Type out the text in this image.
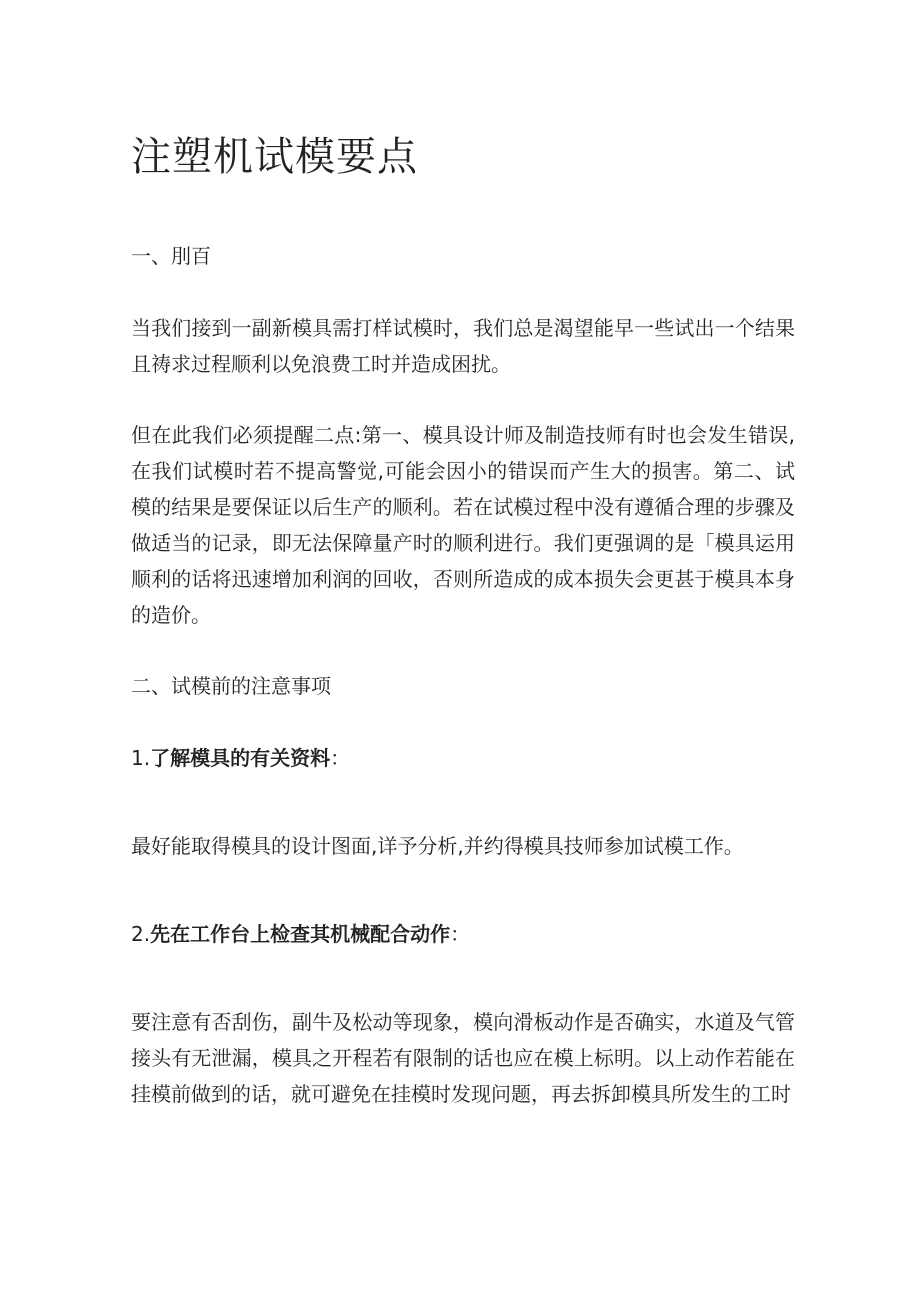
注塑机试模要点

一、刖百

当我们接到一副新模具需打样试模时，我们总是渴望能早一些试出一个结果且祷求过程顺利以免浪费工时并造成困扰。

但在此我们必须提醒二点:第一、模具设计师及制造技师有时也会发生错误,在我们试模时若不提高警觉,可能会因小的错误而产生大的损害。第二、试模的结果是要保证以后生产的顺利。若在试模过程中没有遵循合理的步骤及做适当的记录，即无法保障量产时的顺利进行。我们更强调的是「模具运用顺利的话将迅速增加利润的回收，否则所造成的成本损失会更甚于模具本身的造价。

二、试模前的注意事项

1.了解模具的有关资料：

最好能取得模具的设计图面,详予分析,并约得模具技师参加试模工作。

2.先在工作台上检查其机械配合动作：

要注意有否刮伤，副牛及松动等现象，模向滑板动作是否确实，水道及气管接头有无泄漏，模具之开程若有限制的话也应在模上标明。以上动作若能在挂模前做到的话，就可避免在挂模时发现问题，再去拆卸模具所发生的工时
